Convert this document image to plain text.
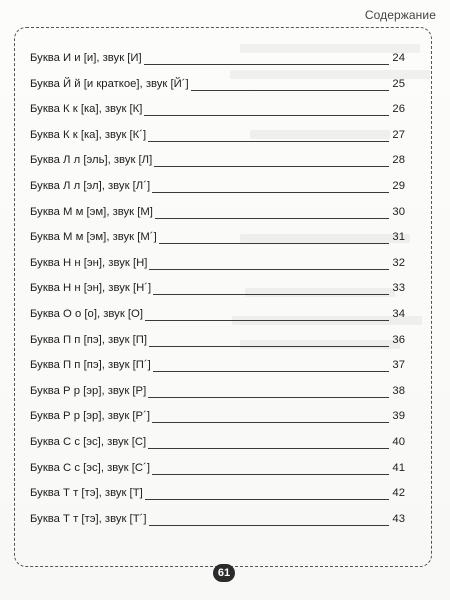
Содержание
Буква И и [и], звук [И]	24
Буква Й й [и краткое], звук [Й´]	25
Буква К к [ка], звук [К]	26
Буква К к [ка], звук [К´]	27
Буква Л л [эль], звук [Л]	28
Буква Л л [эл], звук [Л´]	29
Буква М м [эм], звук [М]	30
Буква М м [эм], звук [М´]	31
Буква Н н [эн], звук [Н]	32
Буква Н н [эн], звук [Н´]	33
Буква О о [о], звук [О]	34
Буква П п [пэ], звук [П]	36
Буква П п [пэ], звук [П´]	37
Буква Р р [эр], звук [Р]	38
Буква Р р [эр], звук [Р´]	39
Буква С с [эс], звук [С]	40
Буква С с [эс], звук [С´]	41
Буква Т т [тэ], звук [Т]	42
Буква Т т [тэ], звук [Т´]	43
61
